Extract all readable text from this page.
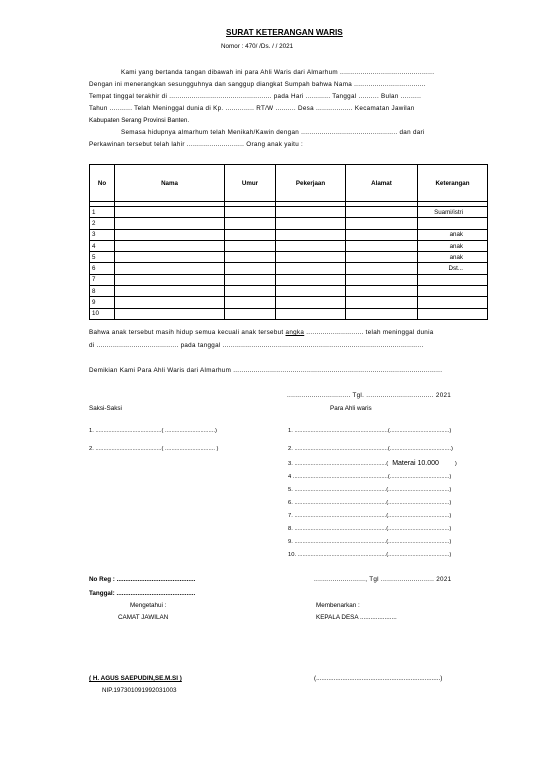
SURAT KETERANGAN WARIS
Nomor : 470/ /Ds. / / 2021
Kami yang bertanda tangan dibawah ini para Ahli Waris dari Almarhum ..............................................
Dengan ini menerangkan sesungguhnya dan sanggup diangkat Sumpah bahwa Nama ...................................
Tempat tinggal terakhir di .................................................. pada Hari ............ Tanggal .......... Bulan ..........
Tahun ........... Telah Meninggal dunia di Kp. .............. RT/W .......... Desa .................. Kecamatan Jawilan
Kabupaten Serang Provinsi Banten.
Semasa hidupnya almarhum telah Menikah/Kawin dengan ............................................... dan dari
Perkawinan tersebut telah lahir ............................ Orang anak yaitu :
No	Nama	Umur	Pekerjaan	Alamat	Keterangan

1					Suami/istri
2					
3					anak
4					anak
5					anak
6					Dst...
7					
8					
9					
10					
Bahwa anak tersebut masih hidup semua kecuali anak tersebut angka ............................ telah meninggal dunia
di ........................................ pada tanggal ..................................................................................................
Demikian Kami Para Ahli Waris dari Almarhum ......................................................................................................
............................... Tgl. ................................. 2021
Saksi-Saksi	Para Ahli waris
1. .........................................( ...............................)
2. .........................................( ............................... )
1. ..........................................................(.....................................)
2. ..........................................................(......................................)
3. .........................................................( Materai 10.000	)
4 ...........................................................(.....................................)
5. .........................................................(......................................)
6. .........................................................(......................................)
7. .........................................................(......................................)
8. .........................................................(......................................)
9. .........................................................(......................................)
10. .......................................................(......................................)
No Reg : .............................................
Tanggal: .............................................
........................., Tgl .......................... 2021
Mengetahui :	Membenarkan :
CAMAT JAWILAN	KEPALA DESA .....................
( H. AGUS SAEPUDIN,SE.M.SI )	(.......................................................................)
NIP.197301091992031003
